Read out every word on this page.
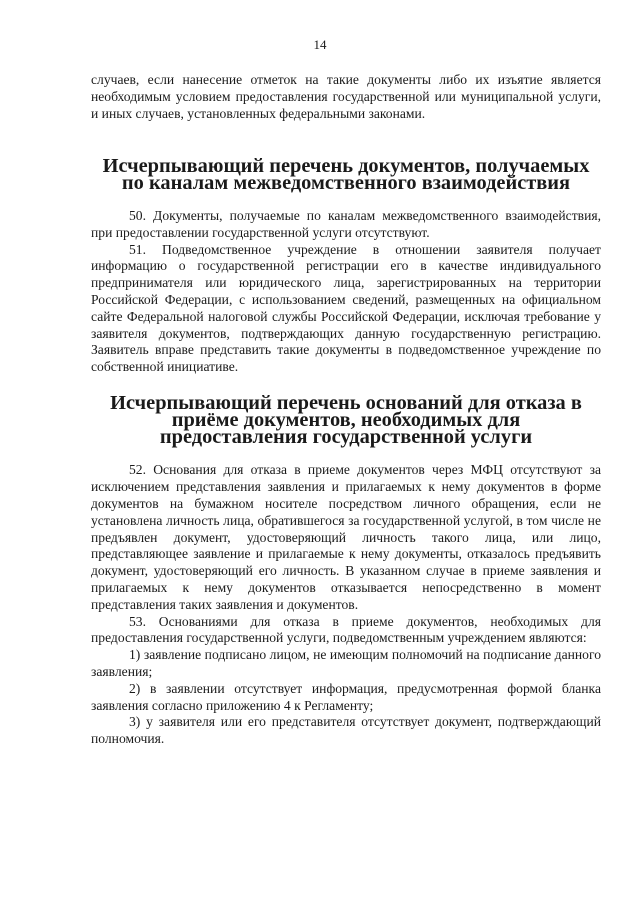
14

случаев, если нанесение отметок на такие документы либо их изъятие является необходимым условием предоставления государственной или муниципальной услуги, и иных случаев, установленных федеральными законами.

Исчерпывающий перечень документов, получаемых по каналам межведомственного взаимодействия

50. Документы, получаемые по каналам межведомственного взаимодействия, при предоставлении государственной услуги отсутствуют.

51. Подведомственное учреждение в отношении заявителя получает информацию о государственной регистрации его в качестве индивидуального предпринимателя или юридического лица, зарегистрированных на территории Российской Федерации, с использованием сведений, размещенных на официальном сайте Федеральной налоговой службы Российской Федерации, исключая требование у заявителя документов, подтверждающих данную государственную регистрацию. Заявитель вправе представить такие документы в подведомственное учреждение по собственной инициативе.

Исчерпывающий перечень оснований для отказа в приёме документов, необходимых для предоставления государственной услуги

52. Основания для отказа в приеме документов через МФЦ отсутствуют за исключением представления заявления и прилагаемых к нему документов в форме документов на бумажном носителе посредством личного обращения, если не установлена личность лица, обратившегося за государственной услугой, в том числе не предъявлен документ, удостоверяющий личность такого лица, или лицо, представляющее заявление и прилагаемые к нему документы, отказалось предъявить документ, удостоверяющий его личность. В указанном случае в приеме заявления и прилагаемых к нему документов отказывается непосредственно в момент представления таких заявления и документов.

53. Основаниями для отказа в приеме документов, необходимых для предоставления государственной услуги, подведомственным учреждением являются:

1) заявление подписано лицом, не имеющим полномочий на подписание данного заявления;

2) в заявлении отсутствует информация, предусмотренная формой бланка заявления согласно приложению 4 к Регламенту;

3) у заявителя или его представителя отсутствует документ, подтверждающий полномочия.
